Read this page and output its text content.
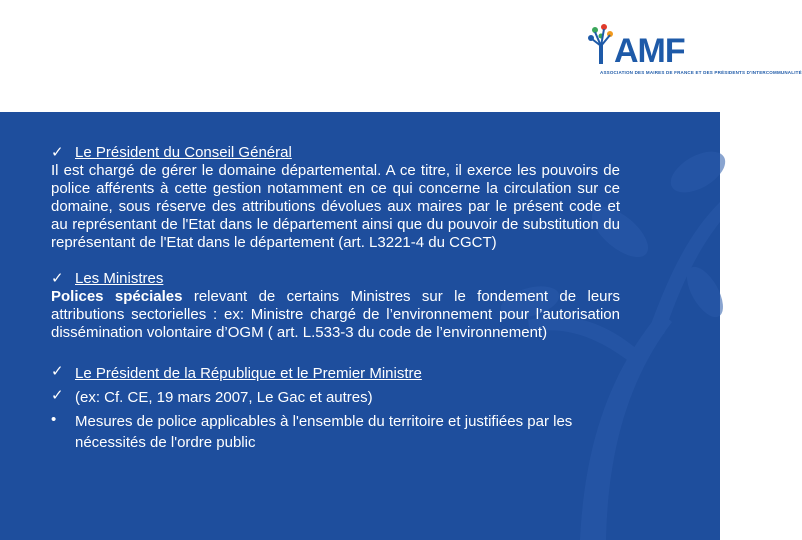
AMF
ASSOCIATION DES MAIRES DE FRANCE ET DES PRÉSIDENTS D'INTERCOMMUNALITÉ
✓ Le Président du Conseil Général
Il est chargé de gérer le domaine départemental. A ce titre, il exerce les pouvoirs de police afférents à cette gestion notamment en ce qui concerne la circulation sur ce domaine, sous réserve des attributions dévolues aux maires par le présent code et au représentant de l'Etat dans le département ainsi que du pouvoir de substitution du représentant de l'Etat dans le département (art. L3221-4 du CGCT)
✓ Les Ministres
Polices spéciales relevant de certains Ministres sur le fondement de leurs attributions sectorielles : ex: Ministre chargé de l’environnement pour l’autorisation dissémination volontaire d’OGM ( art. L.533-3 du code de l’environnement)
✓ Le Président de la République et le Premier Ministre
✓ (ex: Cf. CE, 19 mars 2007, Le Gac et autres)
•	Mesures de police applicables à l'ensemble du territoire et justifiées par les nécessités de l'ordre public
